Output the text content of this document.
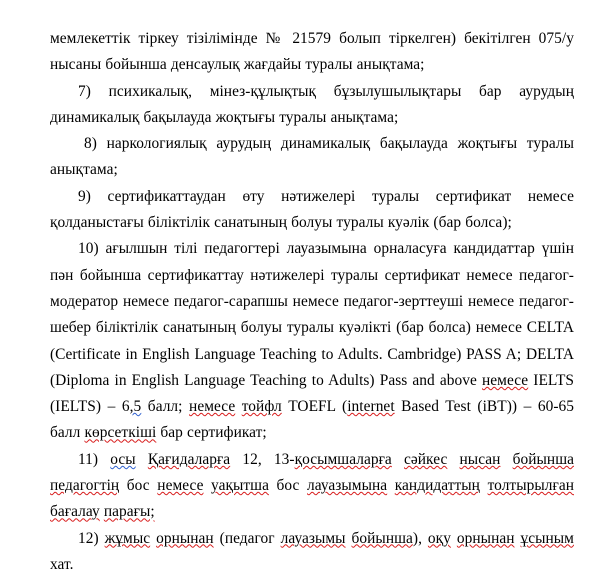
мемлекеттік тіркеу тізілімінде № 21579 болып тіркелген) бекітілген 075/у нысаны бойынша денсаулық жағдайы туралы анықтама;

7) психикалық, мінез-құлықтық бұзылушылықтары бар аурудың динамикалық бақылауда жоқтығы туралы анықтама;

8) наркологиялық аурудың динамикалық бақылауда жоқтығы туралы анықтама;

9) сертификаттаудан өту нәтижелері туралы сертификат немесе қолданыстағы біліктілік санатының болуы туралы куәлік (бар болса);

10) ағылшын тілі педагогтері лауазымына орналасуға кандидаттар үшін пән бойынша сертификаттау нәтижелері туралы сертификат немесе педагог-модератор немесе педагог-сарапшы немесе педагог-зерттеуші немесе педагог-шебер біліктілік санатының болуы туралы куәлікті (бар болса) немесе CELTA (Certificate in English Language Teaching to Adults. Cambridge) PASS A; DELTA (Diploma in English Language Teaching to Adults) Pass and above немесе IELTS (IELTS) – 6,5 балл; немесе тойфл TOEFL (internet Based Test (iBT)) – 60-65 балл көрсеткіші бар сертификат;

11) осы Қағидаларға 12, 13-қосымшаларға сәйкес нысан бойынша педагогтің бос немесе уақытша бос лауазымына кандидаттың толтырылған бағалау парағы;

12) жұмыс орнынан (педагог лауазымы бойынша), оқу орнынан ұсыным хат.
